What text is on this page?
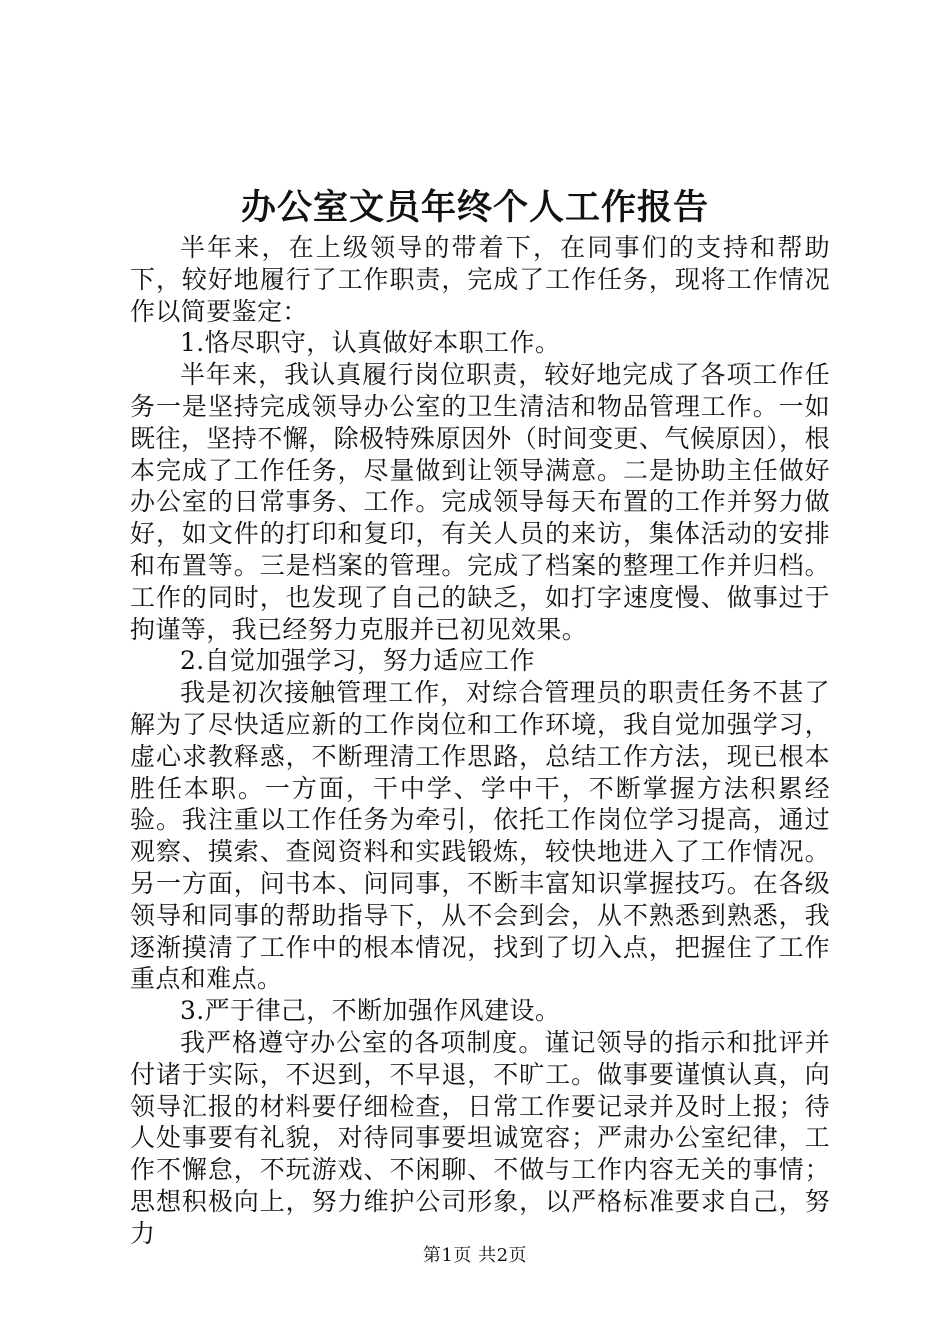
办公室文员年终个人工作报告

半年来，在上级领导的带着下，在同事们的支持和帮助下，较好地履行了工作职责，完成了工作任务，现将工作情况作以简要鉴定：

1.恪尽职守，认真做好本职工作。

半年来，我认真履行岗位职责，较好地完成了各项工作任务一是坚持完成领导办公室的卫生清洁和物品管理工作。一如既往，坚持不懈，除极特殊原因外（时间变更、气候原因），根本完成了工作任务，尽量做到让领导满意。二是协助主任做好办公室的日常事务、工作。完成领导每天布置的工作并努力做好，如文件的打印和复印，有关人员的来访，集体活动的安排和布置等。三是档案的管理。完成了档案的整理工作并归档。工作的同时，也发现了自己的缺乏，如打字速度慢、做事过于拘谨等，我已经努力克服并已初见效果。

2.自觉加强学习，努力适应工作

我是初次接触管理工作，对综合管理员的职责任务不甚了解为了尽快适应新的工作岗位和工作环境，我自觉加强学习，虚心求教释惑，不断理清工作思路，总结工作方法，现已根本胜任本职。一方面，干中学、学中干，不断掌握方法积累经验。我注重以工作任务为牵引，依托工作岗位学习提高，通过观察、摸索、查阅资料和实践锻炼，较快地进入了工作情况。另一方面，问书本、问同事，不断丰富知识掌握技巧。在各级领导和同事的帮助指导下，从不会到会，从不熟悉到熟悉，我逐渐摸清了工作中的根本情况，找到了切入点，把握住了工作重点和难点。

3.严于律己，不断加强作风建设。

我严格遵守办公室的各项制度。谨记领导的指示和批评并付诸于实际，不迟到，不早退，不旷工。做事要谨慎认真，向领导汇报的材料要仔细检查，日常工作要记录并及时上报；待人处事要有礼貌，对待同事要坦诚宽容；严肃办公室纪律，工作不懈怠，不玩游戏、不闲聊、不做与工作内容无关的事情；思想积极向上，努力维护公司形象，以严格标准要求自己，努力

第1页 共2页
